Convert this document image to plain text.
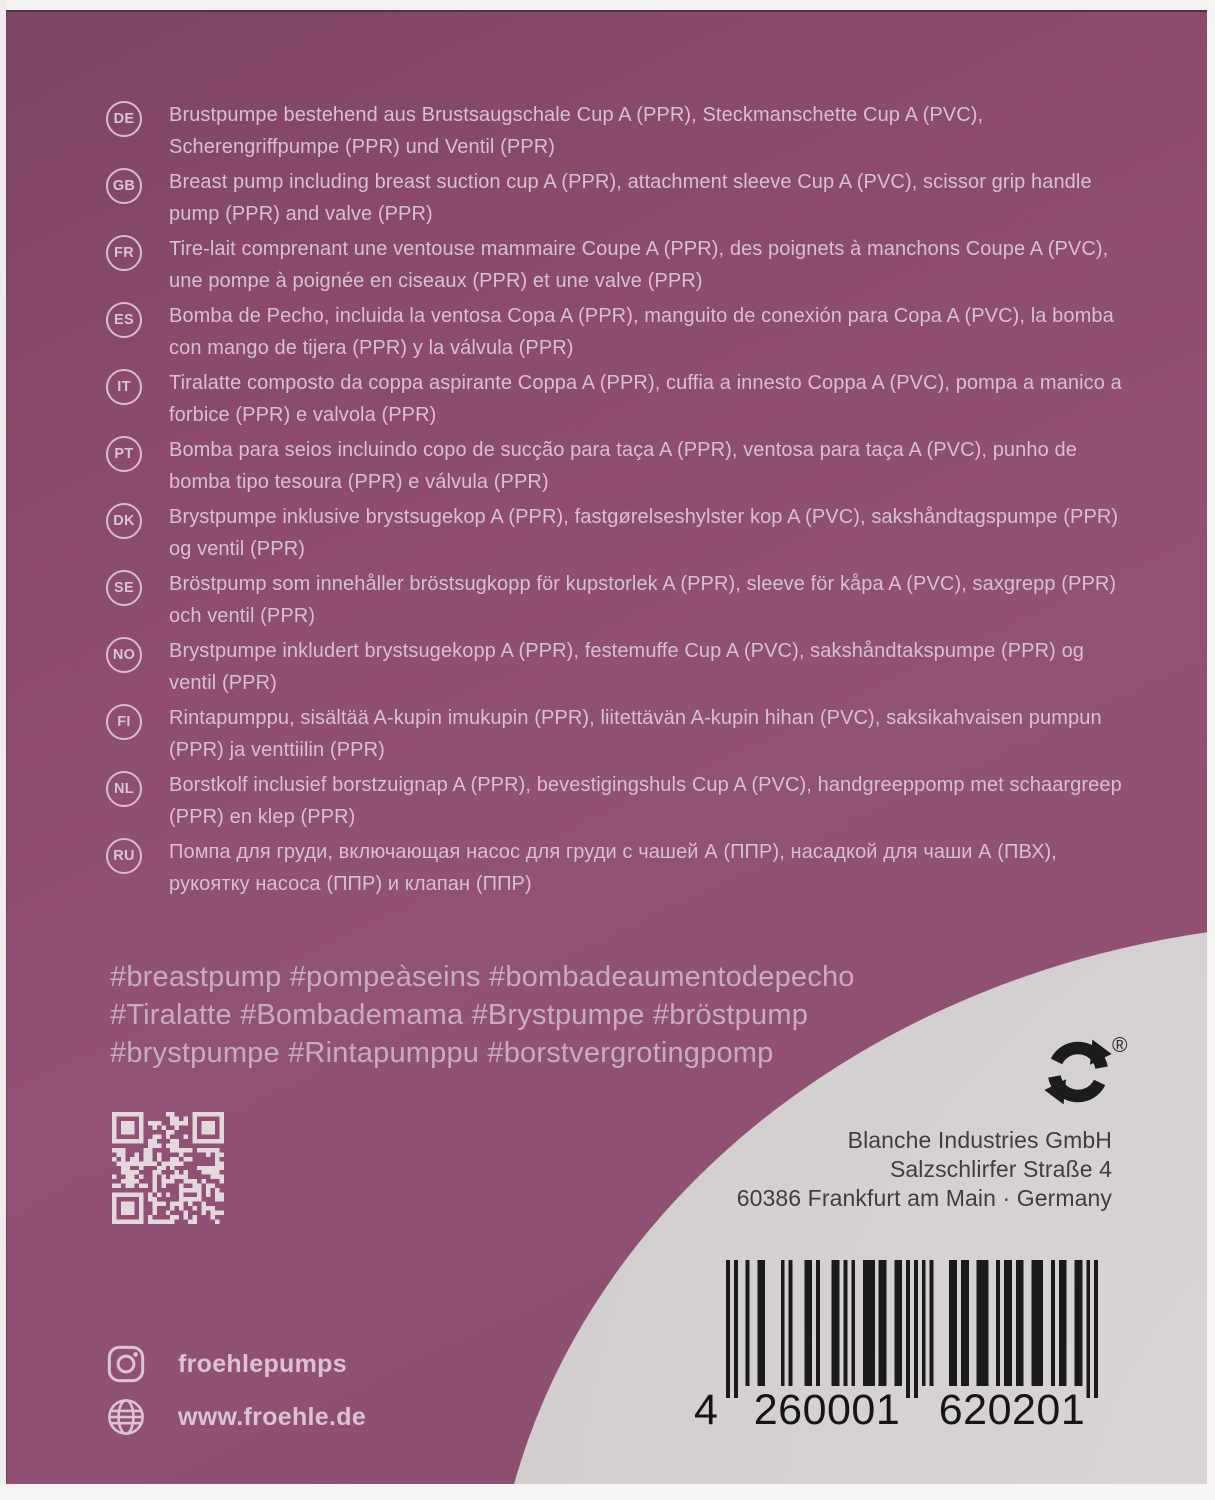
DE Brustpumpe bestehend aus Brustsaugschale Cup A (PPR), Steckmanschette Cup A (PVC), Scherengriffpumpe (PPR) und Ventil (PPR)

GB Breast pump including breast suction cup A (PPR), attachment sleeve Cup A (PVC), scissor grip handle pump (PPR) and valve (PPR)

FR Tire-lait comprenant une ventouse mammaire Coupe A (PPR), des poignets à manchons Coupe A (PVC), une pompe à poignée en ciseaux (PPR) et une valve (PPR)

ES Bomba de Pecho, incluida la ventosa Copa A (PPR), manguito de conexión para Copa A (PVC), la bomba con mango de tijera (PPR) y la válvula (PPR)

IT Tiralatte composto da coppa aspirante Coppa A (PPR), cuffia a innesto Coppa A (PVC), pompa a manico a forbice (PPR) e valvola (PPR)

PT Bomba para seios incluindo copo de sucção para taça A (PPR), ventosa para taça A (PVC), punho de bomba tipo tesoura (PPR) e válvula (PPR)

DK Brystpumpe inklusive brystsugekop A (PPR), fastgørelseshylster kop A (PVC), sakshåndtagspumpe (PPR) og ventil (PPR)

SE Bröstpump som innehåller bröstsugkopp för kupstorlek A (PPR), sleeve för kåpa A (PVC), saxgrepp (PPR) och ventil (PPR)

NO Brystpumpe inkludert brystsugekopp A (PPR), festemuffe Cup A (PVC), sakshåndtakspumpe (PPR) og ventil (PPR)

FI Rintapumppu, sisältää A-kupin imukupin (PPR), liitettävän A-kupin hihan (PVC), saksikahvaisen pumpun (PPR) ja venttiilin (PPR)

NL Borstkolf inclusief borstzuignap A (PPR), bevestigingshuls Cup A (PVC), handgreeppomp met schaargreep (PPR) en klep (PPR)

RU Помпа для груди, включающая насос для груди с чашей А (ППР), насадкой для чаши А (ПВХ), рукоятку насоса (ППР) и клапан (ППР)

#breastpump #pompeàseins #bombadeaumentodepecho

#Tiralatte #Bombademama #Brystpumpe #bröstpump

#brystpumpe #Rintapumppu #borstvergrotingpomp

froehlepumps
www.froehle.de
®
Blanche Industries GmbH
Salzschlirfer Straße 4
60386 Frankfurt am Main · Germany
4 260001 620201
